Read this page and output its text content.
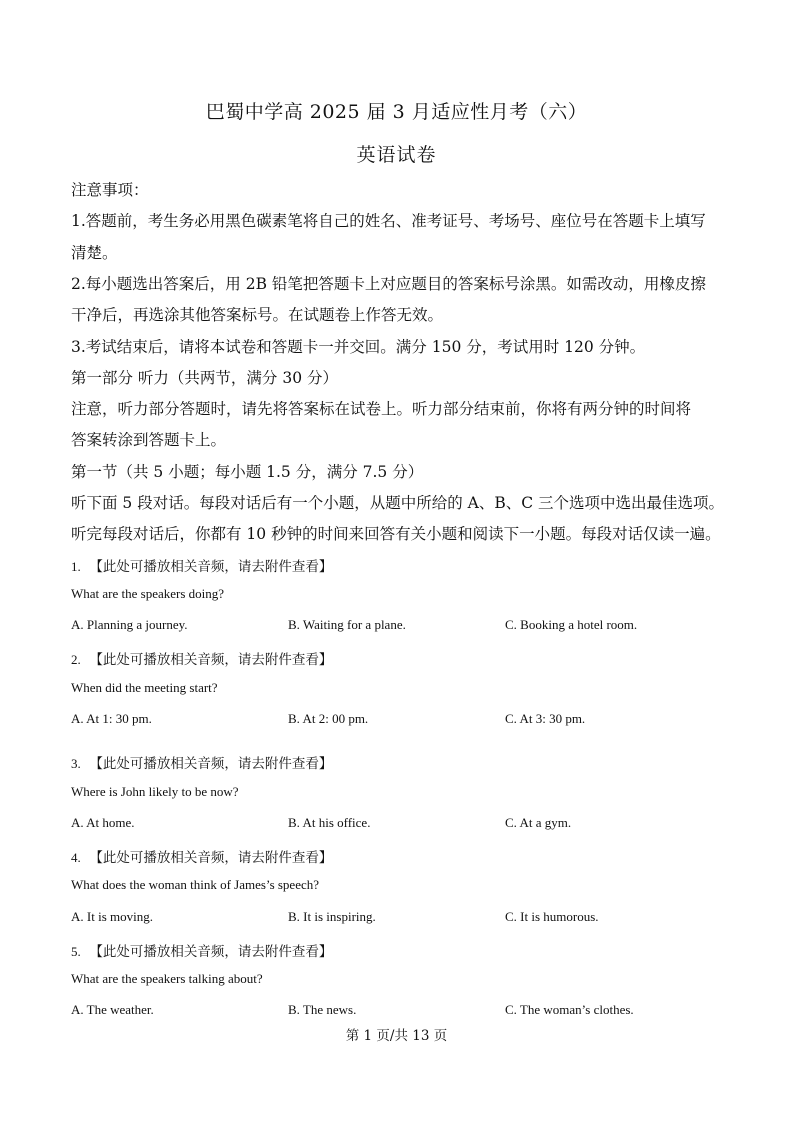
巴蜀中学高 2025 届 3 月适应性月考（六）
英语试卷
注意事项：
1.答题前，考生务必用黑色碳素笔将自己的姓名、准考证号、考场号、座位号在答题卡上填写
清楚。
2.每小题选出答案后，用 2B 铅笔把答题卡上对应题目的答案标号涂黑。如需改动，用橡皮擦
干净后，再选涂其他答案标号。在试题卷上作答无效。
3.考试结束后，请将本试卷和答题卡一并交回。满分 150 分，考试用时 120 分钟。
第一部分 听力（共两节，满分 30 分）
注意，听力部分答题时，请先将答案标在试卷上。听力部分结束前，你将有两分钟的时间将
答案转涂到答题卡上。
第一节（共 5 小题；每小题 1.5 分，满分 7.5 分）
听下面 5 段对话。每段对话后有一个小题，从题中所给的 A、B、C 三个选项中选出最佳选项。
听完每段对话后，你都有 10 秒钟的时间来回答有关小题和阅读下一小题。每段对话仅读一遍。
1. 【此处可播放相关音频，请去附件查看】
What are the speakers doing?
A. Planning a journey.	B. Waiting for a plane.	C. Booking a hotel room.
2. 【此处可播放相关音频，请去附件查看】
When did the meeting start?
A. At 1: 30 pm.	B. At 2: 00 pm.	C. At 3: 30 pm.
3. 【此处可播放相关音频，请去附件查看】
Where is John likely to be now?
A. At home.	B. At his office.	C. At a gym.
4. 【此处可播放相关音频，请去附件查看】
What does the woman think of James’s speech?
A. It is moving.	B. It is inspiring.	C. It is humorous.
5. 【此处可播放相关音频，请去附件查看】
What are the speakers talking about?
A. The weather.	B. The news.	C. The woman’s clothes.
第 1 页/共 13 页
